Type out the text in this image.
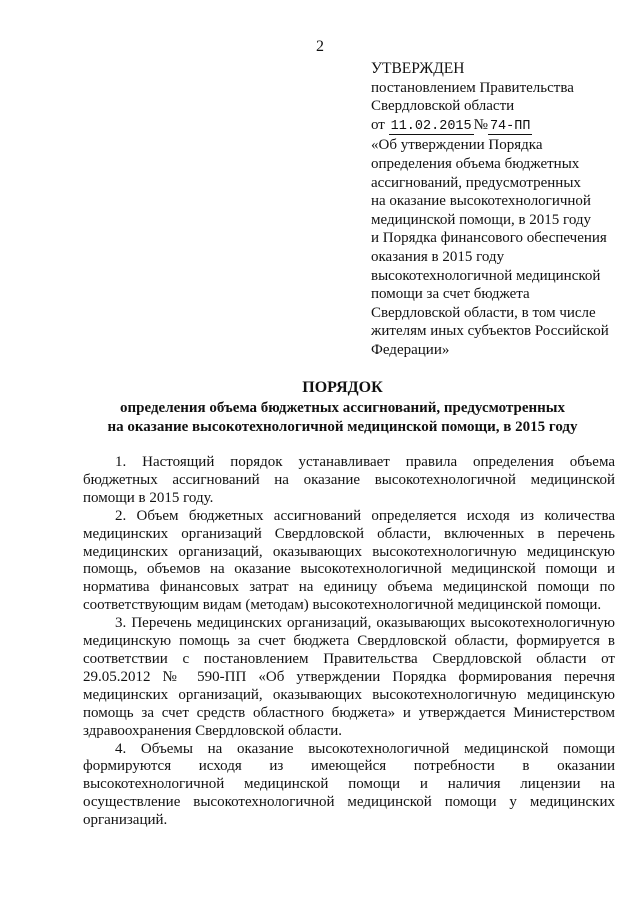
2
УТВЕРЖДЕН
постановлением Правительства
Свердловской области
от 11.02.2015 № 74-ПП
«Об утверждении Порядка
определения объема бюджетных
ассигнований, предусмотренных
на оказание высокотехнологичной
медицинской помощи, в 2015 году
и Порядка финансового обеспечения
оказания в 2015 году
высокотехнологичной медицинской
помощи за счет бюджета
Свердловской области, в том числе
жителям иных субъектов Российской
Федерации»
ПОРЯДОК
определения объема бюджетных ассигнований, предусмотренных
на оказание высокотехнологичной медицинской помощи, в 2015 году

1. Настоящий порядок устанавливает правила определения объема бюджетных ассигнований на оказание высокотехнологичной медицинской помощи в 2015 году.

2. Объем бюджетных ассигнований определяется исходя из количества медицинских организаций Свердловской области, включенных в перечень медицинских организаций, оказывающих высокотехнологичную медицинскую помощь, объемов на оказание высокотехнологичной медицинской помощи и норматива финансовых затрат на единицу объема медицинской помощи по соответствующим видам (методам) высокотехнологичной медицинской помощи.

3. Перечень медицинских организаций, оказывающих высокотехнологичную медицинскую помощь за счет бюджета Свердловской области, формируется в соответствии с постановлением Правительства Свердловской области от 29.05.2012 № 590-ПП «Об утверждении Порядка формирования перечня медицинских организаций, оказывающих высокотехнологичную медицинскую помощь за счет средств областного бюджета» и утверждается Министерством здравоохранения Свердловской области.

4. Объемы на оказание высокотехнологичной медицинской помощи формируются исходя из имеющейся потребности в оказании высокотехнологичной медицинской помощи и наличия лицензии на осуществление высокотехнологичной медицинской помощи у медицинских организаций.
